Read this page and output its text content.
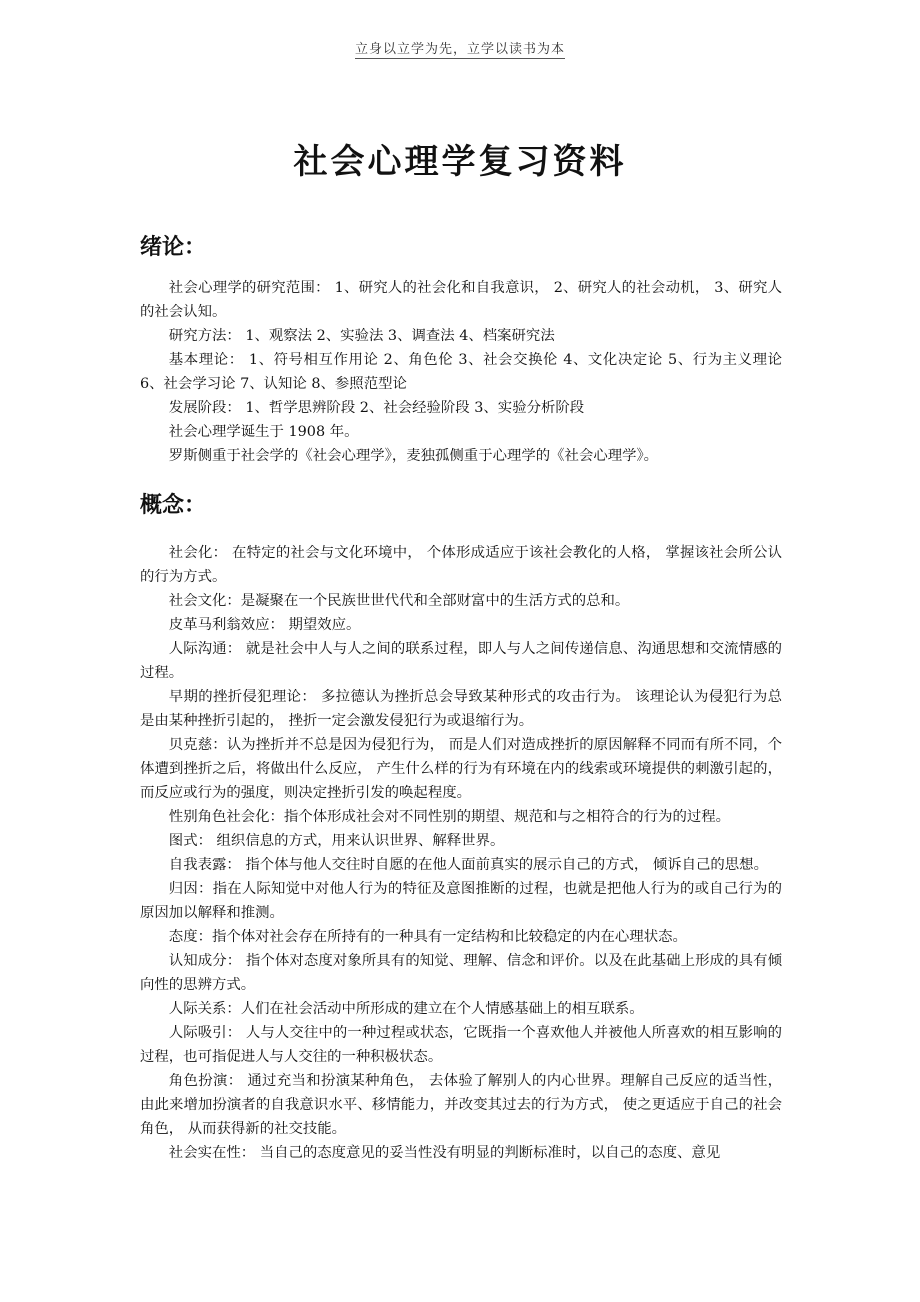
立身以立学为先，立学以读书为本
社会心理学复习资料
绪论：

社会心理学的研究范围： 1、研究人的社会化和自我意识， 2、研究人的社会动机， 3、研究人的社会认知。

研究方法： 1、观察法 2、实验法 3、调查法 4、档案研究法

基本理论： 1、符号相互作用论 2、角色伦 3、社会交换伦 4、文化决定论 5、行为主义理论 6、社会学习论 7、认知论 8、参照范型论

发展阶段： 1、哲学思辨阶段 2、社会经验阶段 3、实验分析阶段

社会心理学诞生于 1908 年。

罗斯侧重于社会学的《社会心理学》，麦独孤侧重于心理学的《社会心理学》。

概念：

社会化： 在特定的社会与文化环境中， 个体形成适应于该社会教化的人格， 掌握该社会所公认的行为方式。

社会文化：是凝聚在一个民族世世代代和全部财富中的生活方式的总和。

皮革马利翁效应： 期望效应。

人际沟通： 就是社会中人与人之间的联系过程，即人与人之间传递信息、沟通思想和交流情感的过程。

早期的挫折侵犯理论： 多拉德认为挫折总会导致某种形式的攻击行为。 该理论认为侵犯行为总是由某种挫折引起的， 挫折一定会激发侵犯行为或退缩行为。

贝克慈：认为挫折并不总是因为侵犯行为， 而是人们对造成挫折的原因解释不同而有所不同，个体遭到挫折之后，将做出什么反应， 产生什么样的行为有环境在内的线索或环境提供的刺激引起的， 而反应或行为的强度，则决定挫折引发的唤起程度。

性别角色社会化：指个体形成社会对不同性别的期望、规范和与之相符合的行为的过程。

图式： 组织信息的方式，用来认识世界、解释世界。

自我表露： 指个体与他人交往时自愿的在他人面前真实的展示自己的方式， 倾诉自己的思想。

归因：指在人际知觉中对他人行为的特征及意图推断的过程，也就是把他人行为的或自己行为的原因加以解释和推测。

态度：指个体对社会存在所持有的一种具有一定结构和比较稳定的内在心理状态。

认知成分： 指个体对态度对象所具有的知觉、理解、信念和评价。以及在此基础上形成的具有倾向性的思辨方式。

人际关系：人们在社会活动中所形成的建立在个人情感基础上的相互联系。

人际吸引： 人与人交往中的一种过程或状态，它既指一个喜欢他人并被他人所喜欢的相互影响的过程，也可指促进人与人交往的一种积极状态。

角色扮演： 通过充当和扮演某种角色， 去体验了解别人的内心世界。理解自己反应的适当性，由此来增加扮演者的自我意识水平、移情能力，并改变其过去的行为方式， 使之更适应于自己的社会角色， 从而获得新的社交技能。

社会实在性： 当自己的态度意见的妥当性没有明显的判断标准时，以自己的态度、意见
